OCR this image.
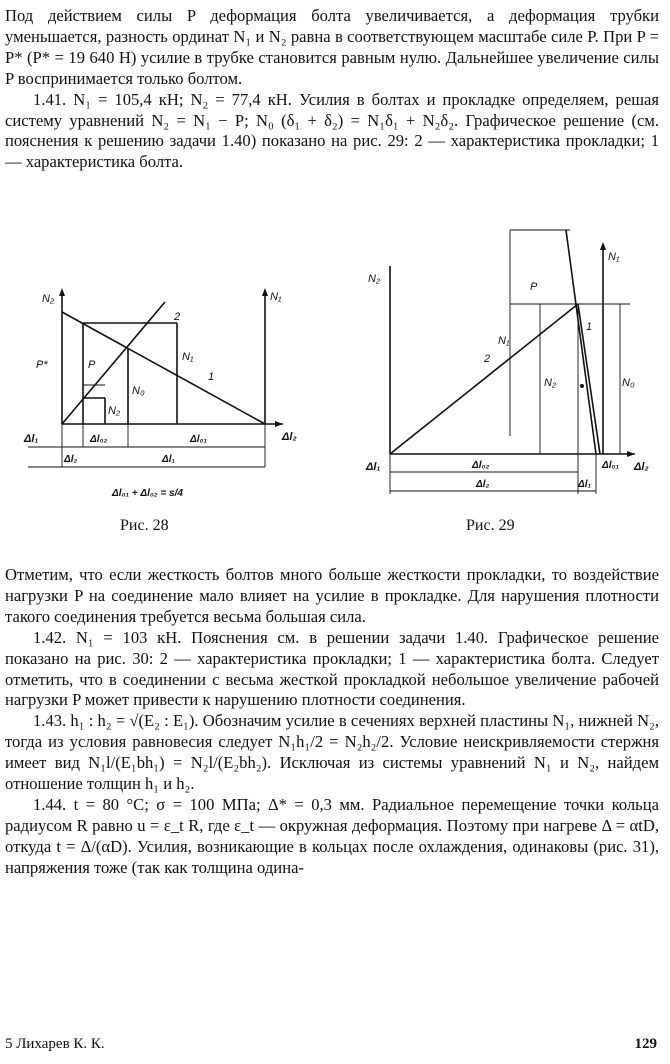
Под действием силы P деформация болта увеличивается, а деформация трубки уменьшается, разность ординат N₁ и N₂ равна в соответствующем масштабе силе P. При P = P* (P* = 19 640 Н) усилие в трубке становится равным нулю. Дальнейшее увеличение силы P воспринимается только болтом.

1.41. N₁ = 105,4 кН; N₂ = 77,4 кН. Усилия в болтах и прокладке определяем, решая систему уравнений N₂ = N₁ − P; N₀ (δ₁ + δ₂) = N₁δ₁ + N₂δ₂. Графическое решение (см. пояснения к решению задачи 1.40) показано на рис. 29: 2 — характеристика прокладки; 1 — характеристика болта.

N₂	N₁
P*	P
N₁
N₀
N₂
2
1
Δl₁	Δl₂
Δl₀₂	Δl₀₁
Δl₂	Δl₁
Δl₀₁ + Δl₀₂ = s/4
Рис. 28
N₂
N₁
P
N₁
N₂	N₀
2
1
Δl₁	Δl₀₂	Δl₀₁ Δl₂
Δl₂	Δl₁
Рис. 29

Отметим, что если жесткость болтов много больше жесткости прокладки, то воздействие нагрузки P на соединение мало влияет на усилие в прокладке. Для нарушения плотности такого соединения требуется весьма большая сила.

1.42. N₁ = 103 кН. Пояснения см. в решении задачи 1.40. Графическое решение показано на рис. 30: 2 — характеристика прокладки; 1 — характеристика болта. Следует отметить, что в соединении с весьма жесткой прокладкой небольшое увеличение рабочей нагрузки P может привести к нарушению плотности соединения.

1.43. h₁ : h₂ = √(E₂ : E₁). Обозначим усилие в сечениях верхней пластины N₁, нижней N₂, тогда из условия равновесия следует N₁h₁/2 = N₂h₂/2. Условие неискривляемости стержня имеет вид N₁l/(E₁bh₁) = N₂l/(E₂bh₂). Исключая из системы уравнений N₁ и N₂, найдем отношение толщин h₁ и h₂.

1.44. t = 80 °С; σ = 100 МПа; Δ* = 0,3 мм. Радиальное перемещение точки кольца радиусом R равно u = ε_t R, где ε_t — окружная деформация. Поэтому при нагреве Δ = αtD, откуда t = Δ/(αD). Усилия, возникающие в кольцах после охлаждения, одинаковы (рис. 31), напряжения тоже (так как толщина одина-

5 Лихарев К. К.	129
